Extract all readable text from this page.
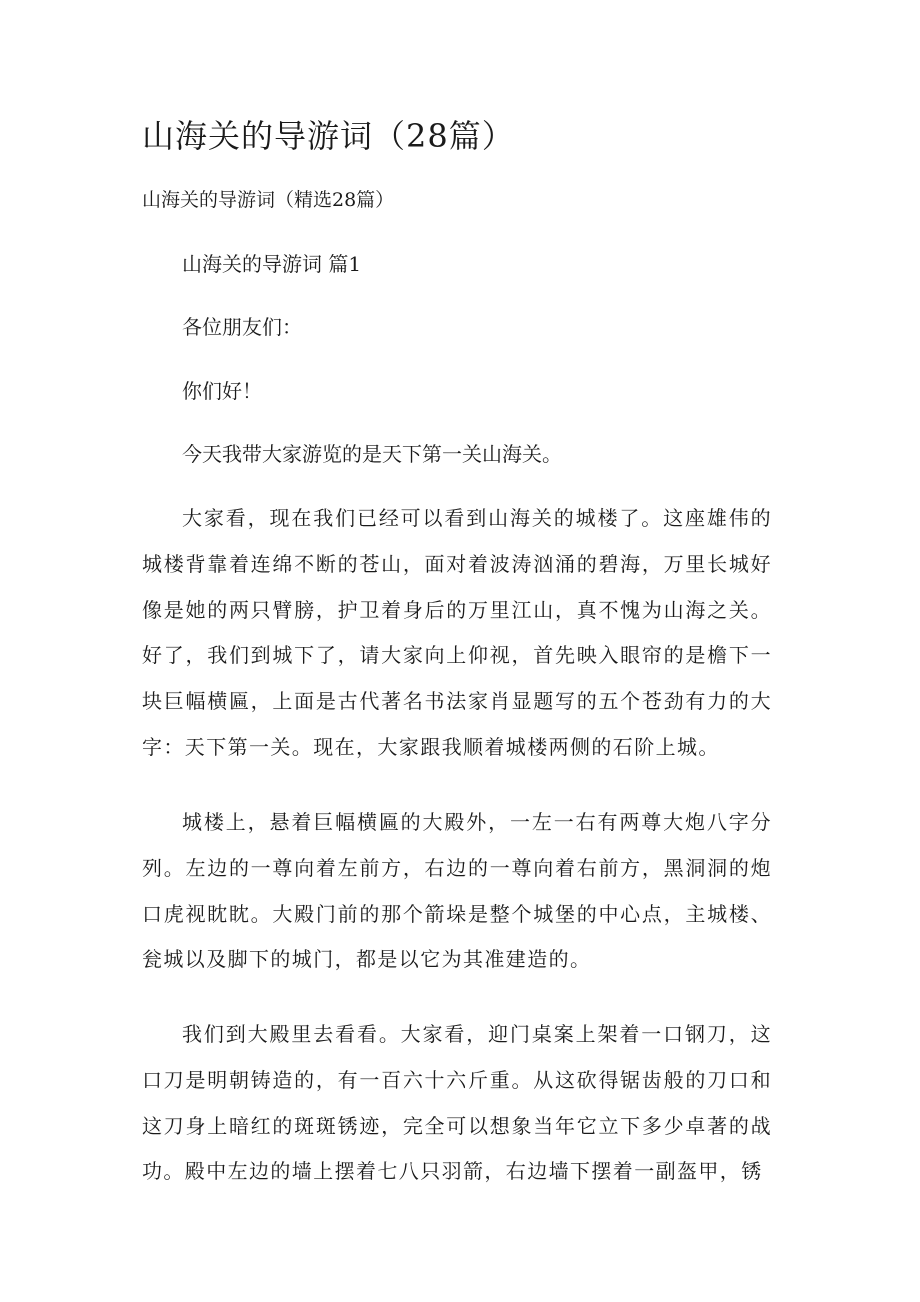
山海关的导游词（28篇）

山海关的导游词（精选28篇）

山海关的导游词 篇1

各位朋友们：

你们好！

今天我带大家游览的是天下第一关山海关。

大家看，现在我们已经可以看到山海关的城楼了。这座雄伟的城楼背靠着连绵不断的苍山，面对着波涛汹涌的碧海，万里长城好像是她的两只臂膀，护卫着身后的万里江山，真不愧为山海之关。好了，我们到城下了，请大家向上仰视，首先映入眼帘的是檐下一块巨幅横匾，上面是古代著名书法家肖显题写的五个苍劲有力的大字：天下第一关。现在，大家跟我顺着城楼两侧的石阶上城。

城楼上，悬着巨幅横匾的大殿外，一左一右有两尊大炮八字分列。左边的一尊向着左前方，右边的一尊向着右前方，黑洞洞的炮口虎视眈眈。大殿门前的那个箭垛是整个城堡的中心点，主城楼、瓮城以及脚下的城门，都是以它为其准建造的。

我们到大殿里去看看。大家看，迎门桌案上架着一口钢刀，这口刀是明朝铸造的，有一百六十六斤重。从这砍得锯齿般的刀口和这刀身上暗红的斑斑锈迹，完全可以想象当年它立下多少卓著的战功。殿中左边的墙上摆着七八只羽箭，右边墙下摆着一副盔甲，锈
